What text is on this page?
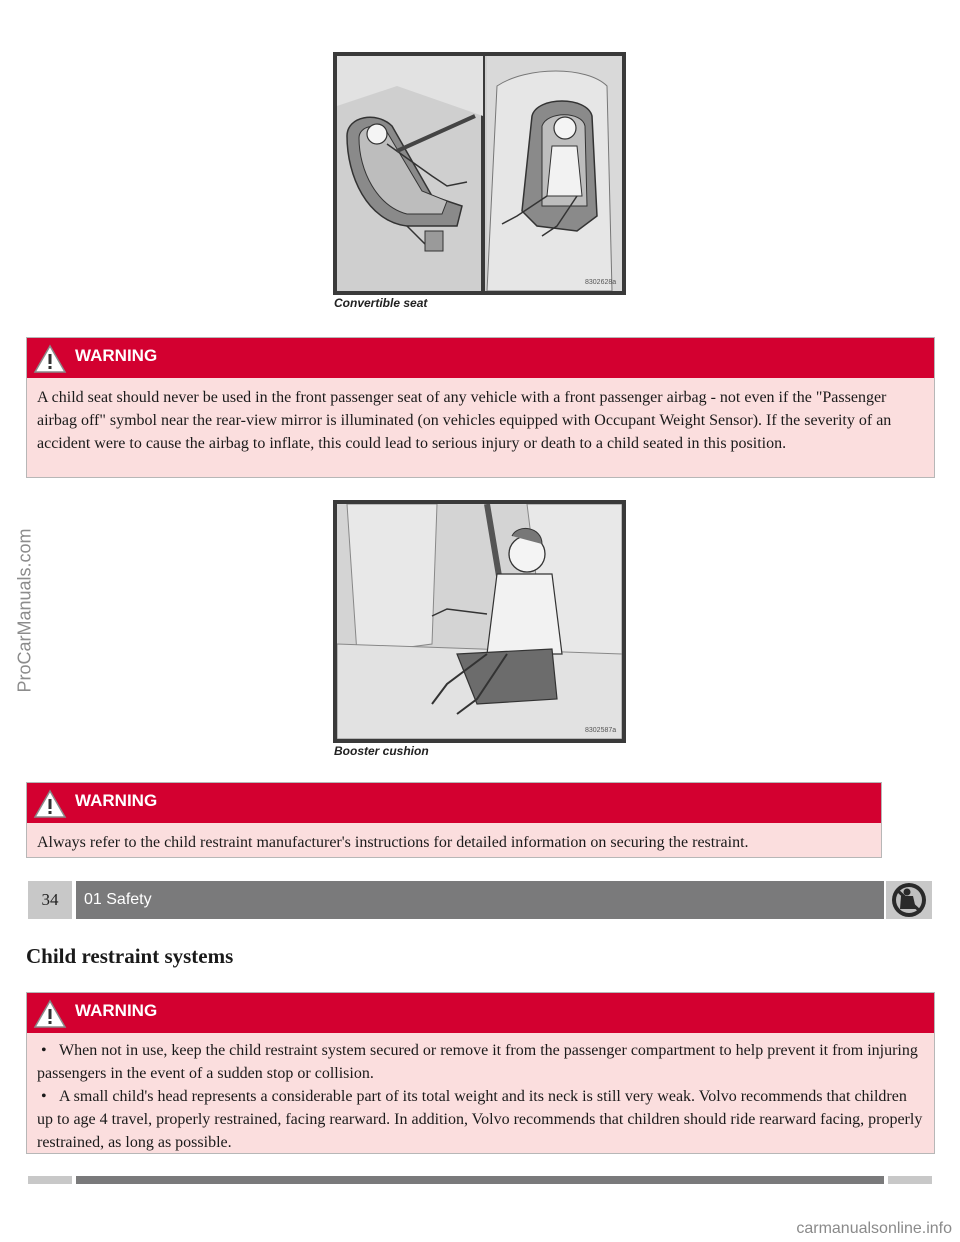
ProCarManuals.com
8302628a
Convertible seat
WARNING
A child seat should never be used in the front passenger seat of any vehicle with a front passenger airbag - not even if the "Passenger airbag off" symbol near the rear-view mirror is illuminated (on vehicles equipped with Occupant Weight Sensor). If the severity of an accident were to cause the airbag to inflate, this could lead to serious injury or death to a child seated in this position.
8302587a
Booster cushion
WARNING
Always refer to the child restraint manufacturer's instructions for detailed information on securing the restraint.
34	01 Safety
Child restraint systems
WARNING
• When not in use, keep the child restraint system secured or remove it from the passenger compartment to help prevent it from injuring passengers in the event of a sudden stop or collision.
• A small child's head represents a considerable part of its total weight and its neck is still very weak. Volvo recommends that children up to age 4 travel, properly restrained, facing rearward. In addition, Volvo recommends that children should ride rearward facing, properly restrained, as long as possible.
carmanualsonline.info
